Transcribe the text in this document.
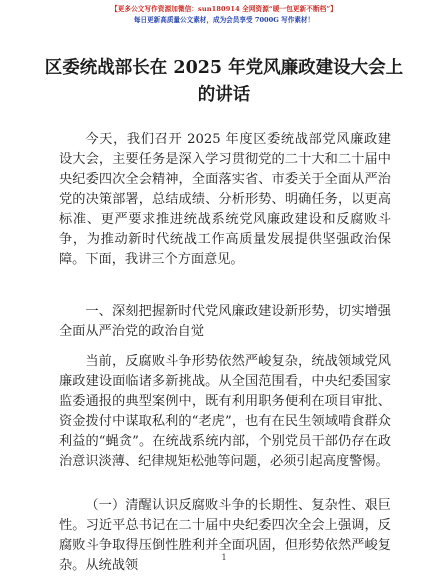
【更多公文写作资源加微信：sun180914 全网资源“暖一包更新不断档”】
每日更新高质量公文素材，成为会员享受 7000G 写作素材！
区委统战部长在 2025 年党风廉政建设大会上的讲话

今天，我们召开 2025 年度区委统战部党风廉政建设大会，主要任务是深入学习贯彻党的二十大和二十届中央纪委四次全会精神，全面落实省、市委关于全面从严治党的决策部署，总结成绩、分析形势、明确任务，以更高标准、更严要求推进统战系统党风廉政建设和反腐败斗争，为推动新时代统战工作高质量发展提供坚强政治保障。下面，我讲三个方面意见。

一、深刻把握新时代党风廉政建设新形势，切实增强全面从严治党的政治自觉

当前，反腐败斗争形势依然严峻复杂，统战领域党风廉政建设面临诸多新挑战。从全国范围看，中央纪委国家监委通报的典型案例中，既有利用职务便利在项目审批、资金拨付中谋取私利的“老虎”，也有在民生领域啃食群众利益的“蝇贪”。在统战系统内部，个别党员干部仍存在政治意识淡薄、纪律规矩松弛等问题，必须引起高度警惕。

（一）清醒认识反腐败斗争的长期性、复杂性、艰巨性。习近平总书记在二十届中央纪委四次全会上强调，反腐败斗争取得压倒性胜利并全面巩固，但形势依然严峻复杂。从统战领

1
